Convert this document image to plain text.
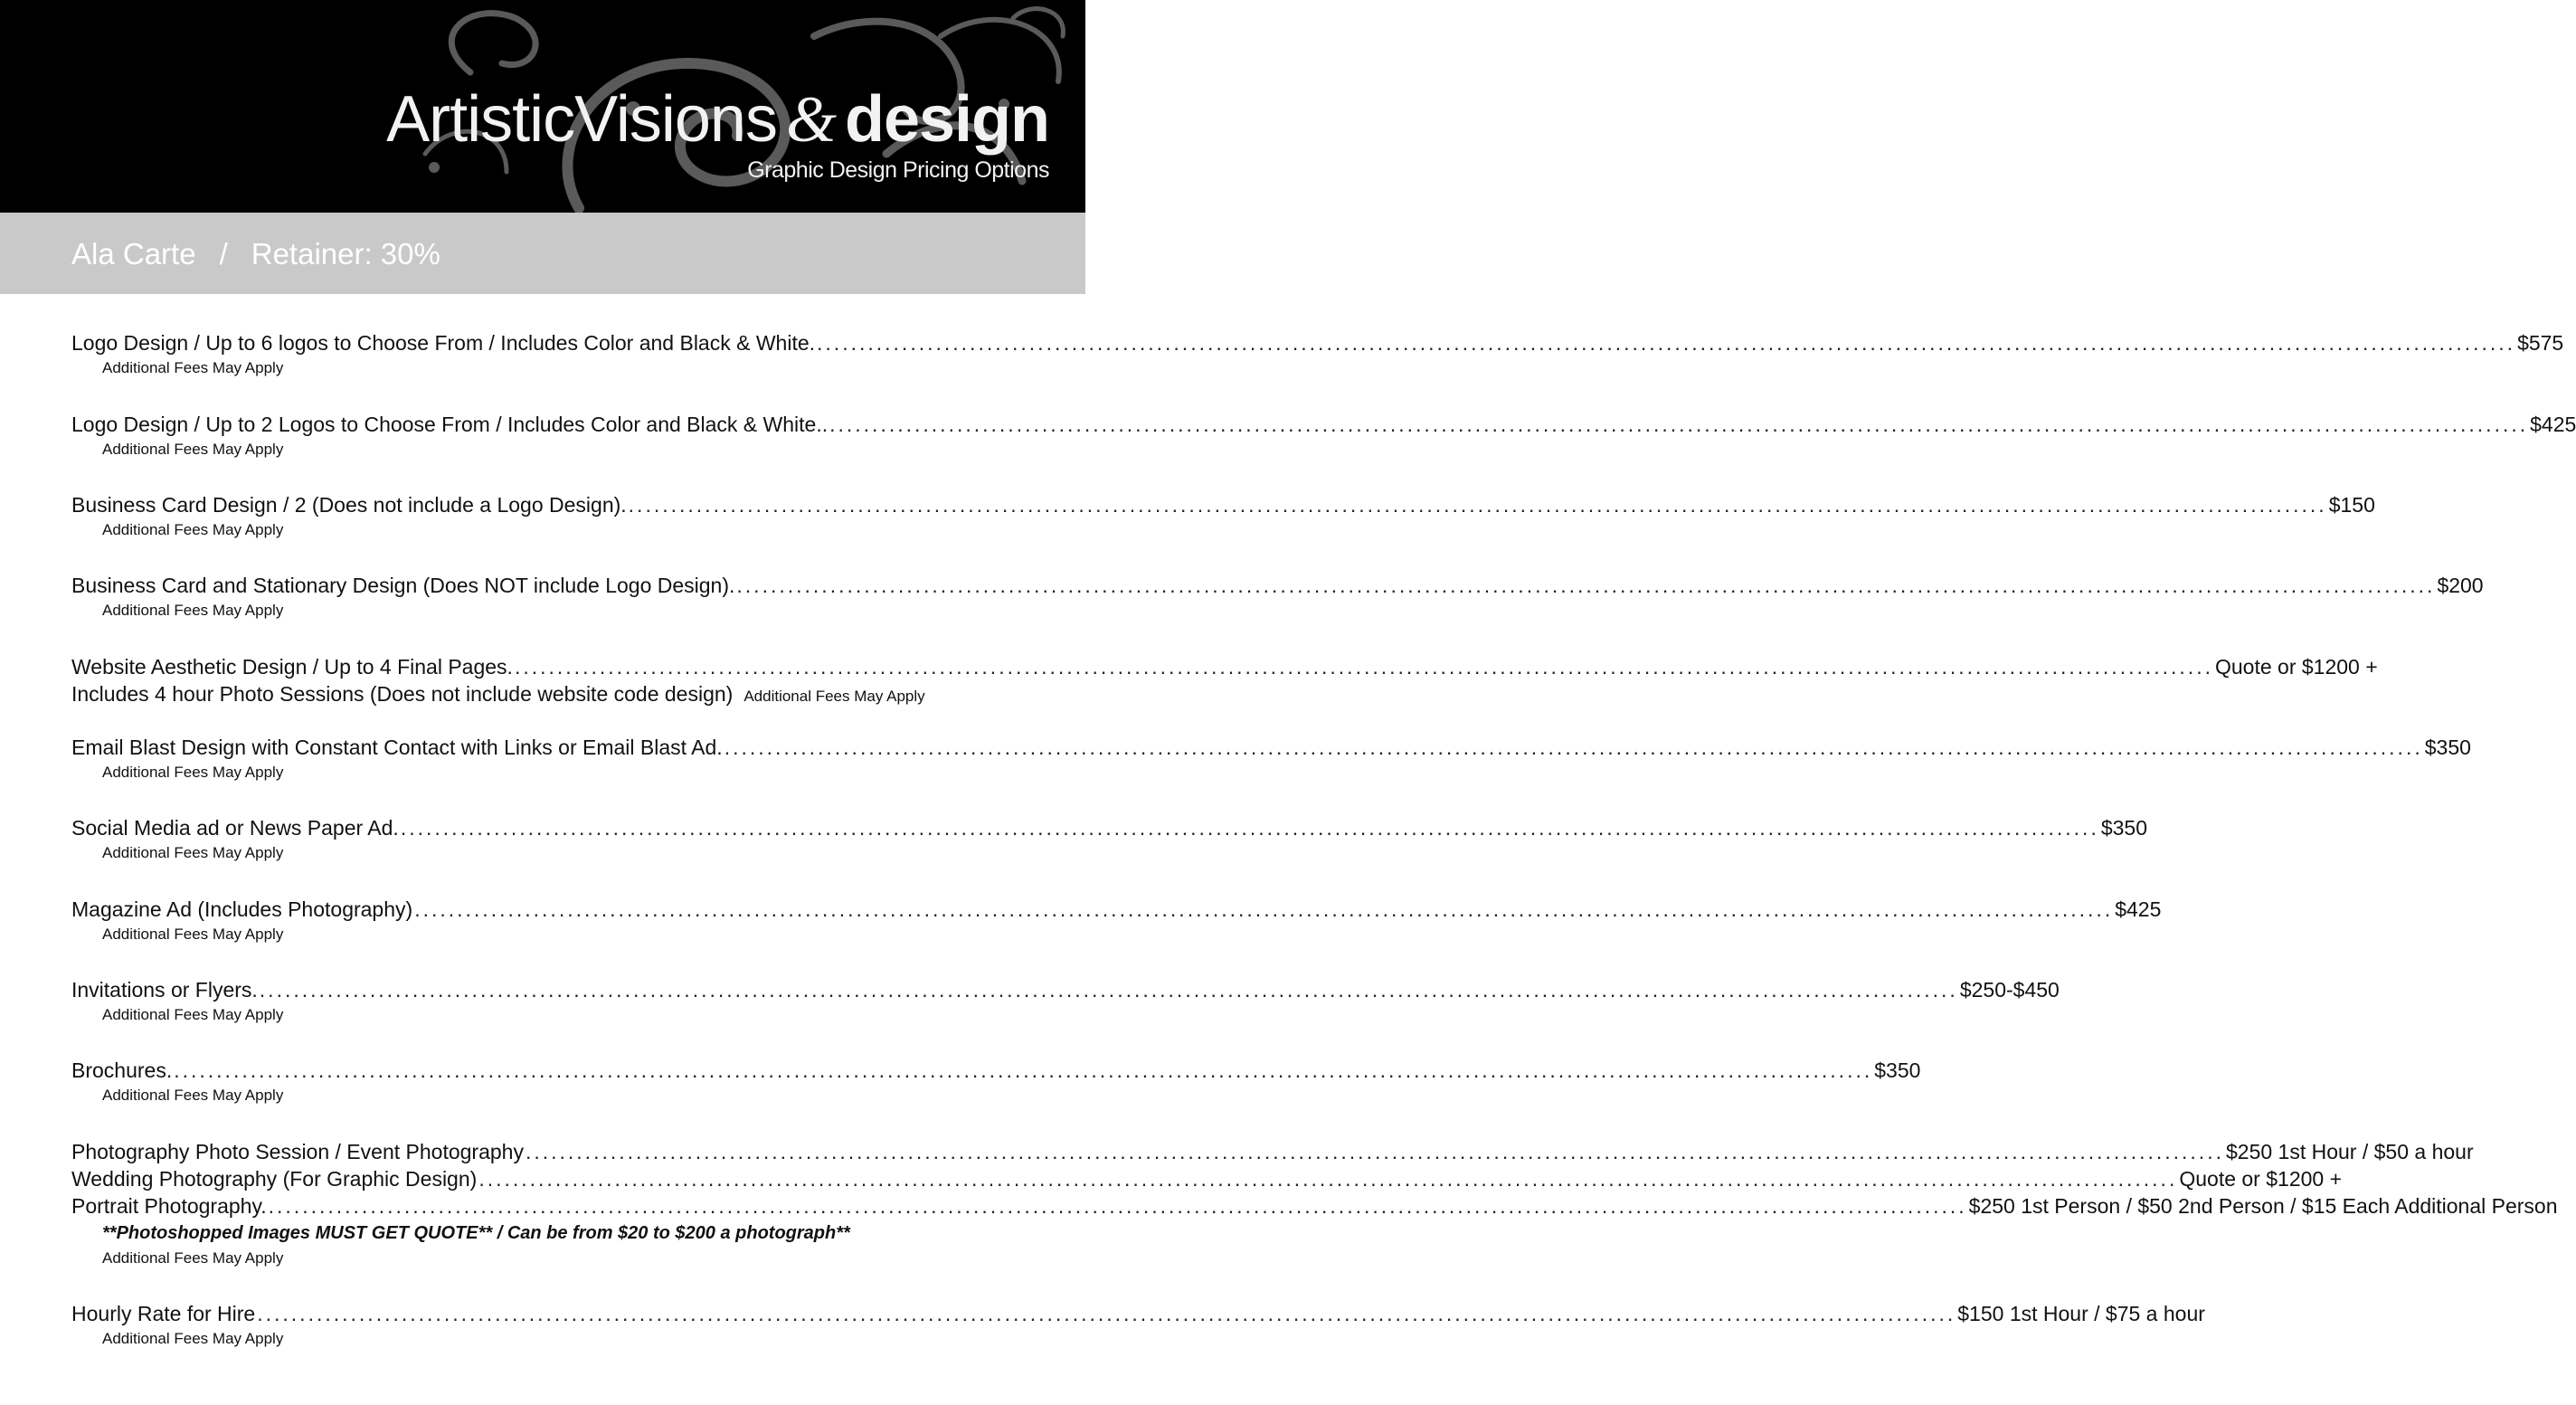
ArtisticVisions & design
Graphic Design Pricing Options
Ala Carte / Retainer: 30%
Logo Design / Up to 6 logos to Choose From / Includes Color and Black & White. ........................................................................................................................................................................................................ $575
Additional Fees May Apply
Logo Design / Up to 2 Logos to Choose From / Includes Color and Black & White.. ........................................................................................................................................................................................................ $425
Additional Fees May Apply
Business Card Design / 2 (Does not include a Logo Design). ........................................................................................................................................................................................................ $150
Additional Fees May Apply
Business Card and Stationary Design (Does NOT include Logo Design). ........................................................................................................................................................................................................ $200
Additional Fees May Apply
Website Aesthetic Design / Up to 4 Final Pages. ........................................................................................................................................................................................................ Quote or $1200 +
Includes 4 hour Photo Sessions (Does not include website code design) Additional Fees May Apply
Email Blast Design with Constant Contact with Links or Email Blast Ad. ........................................................................................................................................................................................................ $350
Additional Fees May Apply
Social Media ad or News Paper Ad. ........................................................................................................................................................................................................ $350
Additional Fees May Apply
Magazine Ad (Includes Photography) ........................................................................................................................................................................................................ $425
Additional Fees May Apply
Invitations or Flyers. ........................................................................................................................................................................................................ $250-$450
Additional Fees May Apply
Brochures. ........................................................................................................................................................................................................ $350
Additional Fees May Apply
Photography Photo Session / Event Photography ........................................................................................................................................................................................................ $250 1st Hour / $50 a hour
Wedding Photography (For Graphic Design) ........................................................................................................................................................................................................ Quote or $1200 +
Portrait Photography. ........................................................................................................................................................................................................ $250 1st Person / $50 2nd Person / $15 Each Additional Person
**Photoshopped Images MUST GET QUOTE** / Can be from $20 to $200 a photograph**
Additional Fees May Apply
Hourly Rate for Hire ........................................................................................................................................................................................................ $150 1st Hour / $75 a hour
Additional Fees May Apply
